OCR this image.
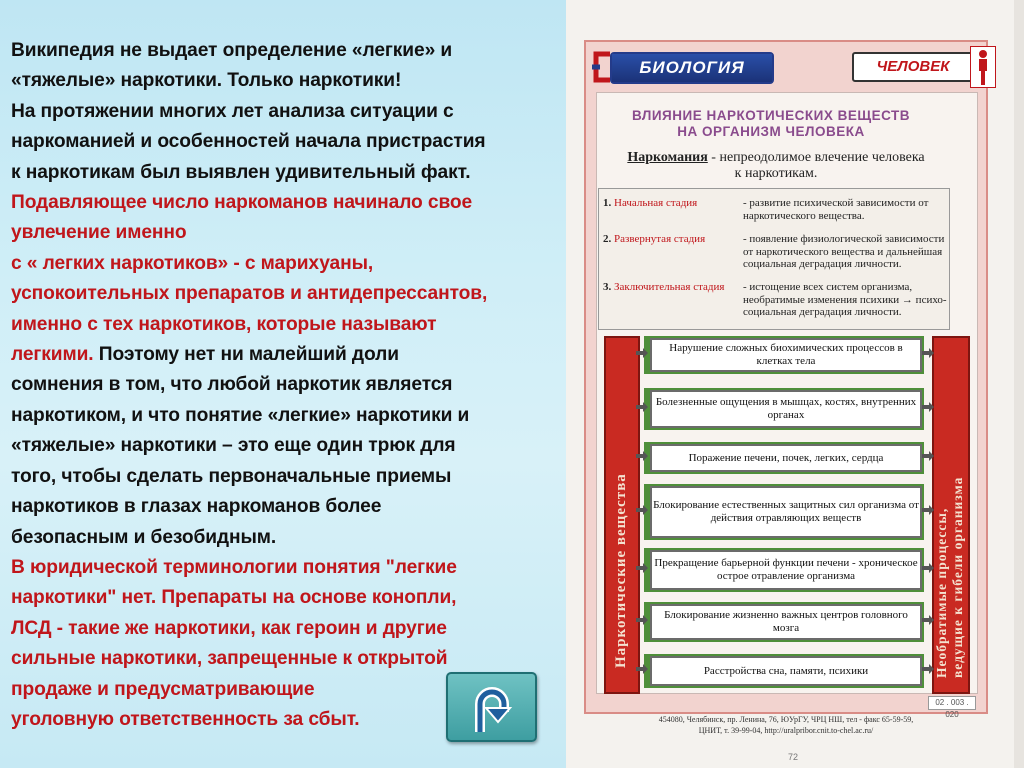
Википедия не выдает определение «легкие» и
«тяжелые» наркотики. Только наркотики!
На протяжении многих лет анализа ситуации с
наркоманией и особенностей начала пристрастия
к наркотикам был выявлен удивительный факт.
Подавляющее число наркоманов начинало свое
увлечение именно
с « легких наркотиков» - с марихуаны,
успокоительных препаратов и антидепрессантов,
именно с тех наркотиков, которые называют
легкими. Поэтому нет ни малейший доли
сомнения в том, что любой наркотик является
наркотиком, и что понятие «легкие» наркотики и
«тяжелые» наркотики – это еще один трюк для
того, чтобы сделать первоначальные приемы
наркотиков в глазах наркоманов более
безопасным и безобидным.
В юридической терминологии понятия "легкие
наркотики" нет. Препараты на основе конопли,
ЛСД - такие же наркотики, как героин и другие
сильные наркотики, запрещенные к открытой
продаже и предусматривающие
уголовную ответственность за сбыт.
БИОЛОГИЯ	ЧЕЛОВЕК
ВЛИЯНИЕ НАРКОТИЧЕСКИХ ВЕЩЕСТВ
НА ОРГАНИЗМ ЧЕЛОВЕКА
Наркомания - непреодолимое влечение человека
к наркотикам.
1. Начальная стадия	- развитие психической зависимости от наркотического вещества.
2. Развернутая стадия	- появление физиологической зависимости от наркотического вещества и дальнейшая социальная деградация личности.
3. Заключительная стадия	- истощение всех систем организма, необратимые изменения психики → психо-социальная деградация личности.
Наркотические вещества	Необратимые процессы, ведущие к гибели организма
Нарушение сложных биохимических процессов в клетках тела
Болезненные ощущения в мышцах, костях, внутренних органах
Поражение печени, почек, легких, сердца
Блокирование естественных защитных сил организма от действия отравляющих веществ
Прекращение барьерной функции печени - хроническое острое отравление организма
Блокирование жизненно важных центров головного мозга
Расстройства сна, памяти, психики
02 . 003 . 020
454080, Челябинск, пр. Ленина, 76, ЮУрГУ, ЧРЦ НШ, тел - факс 65-59-59,
ЦНИТ, т. 39-99-04, http://uralpribor.cnit.to-chel.ac.ru/
72
